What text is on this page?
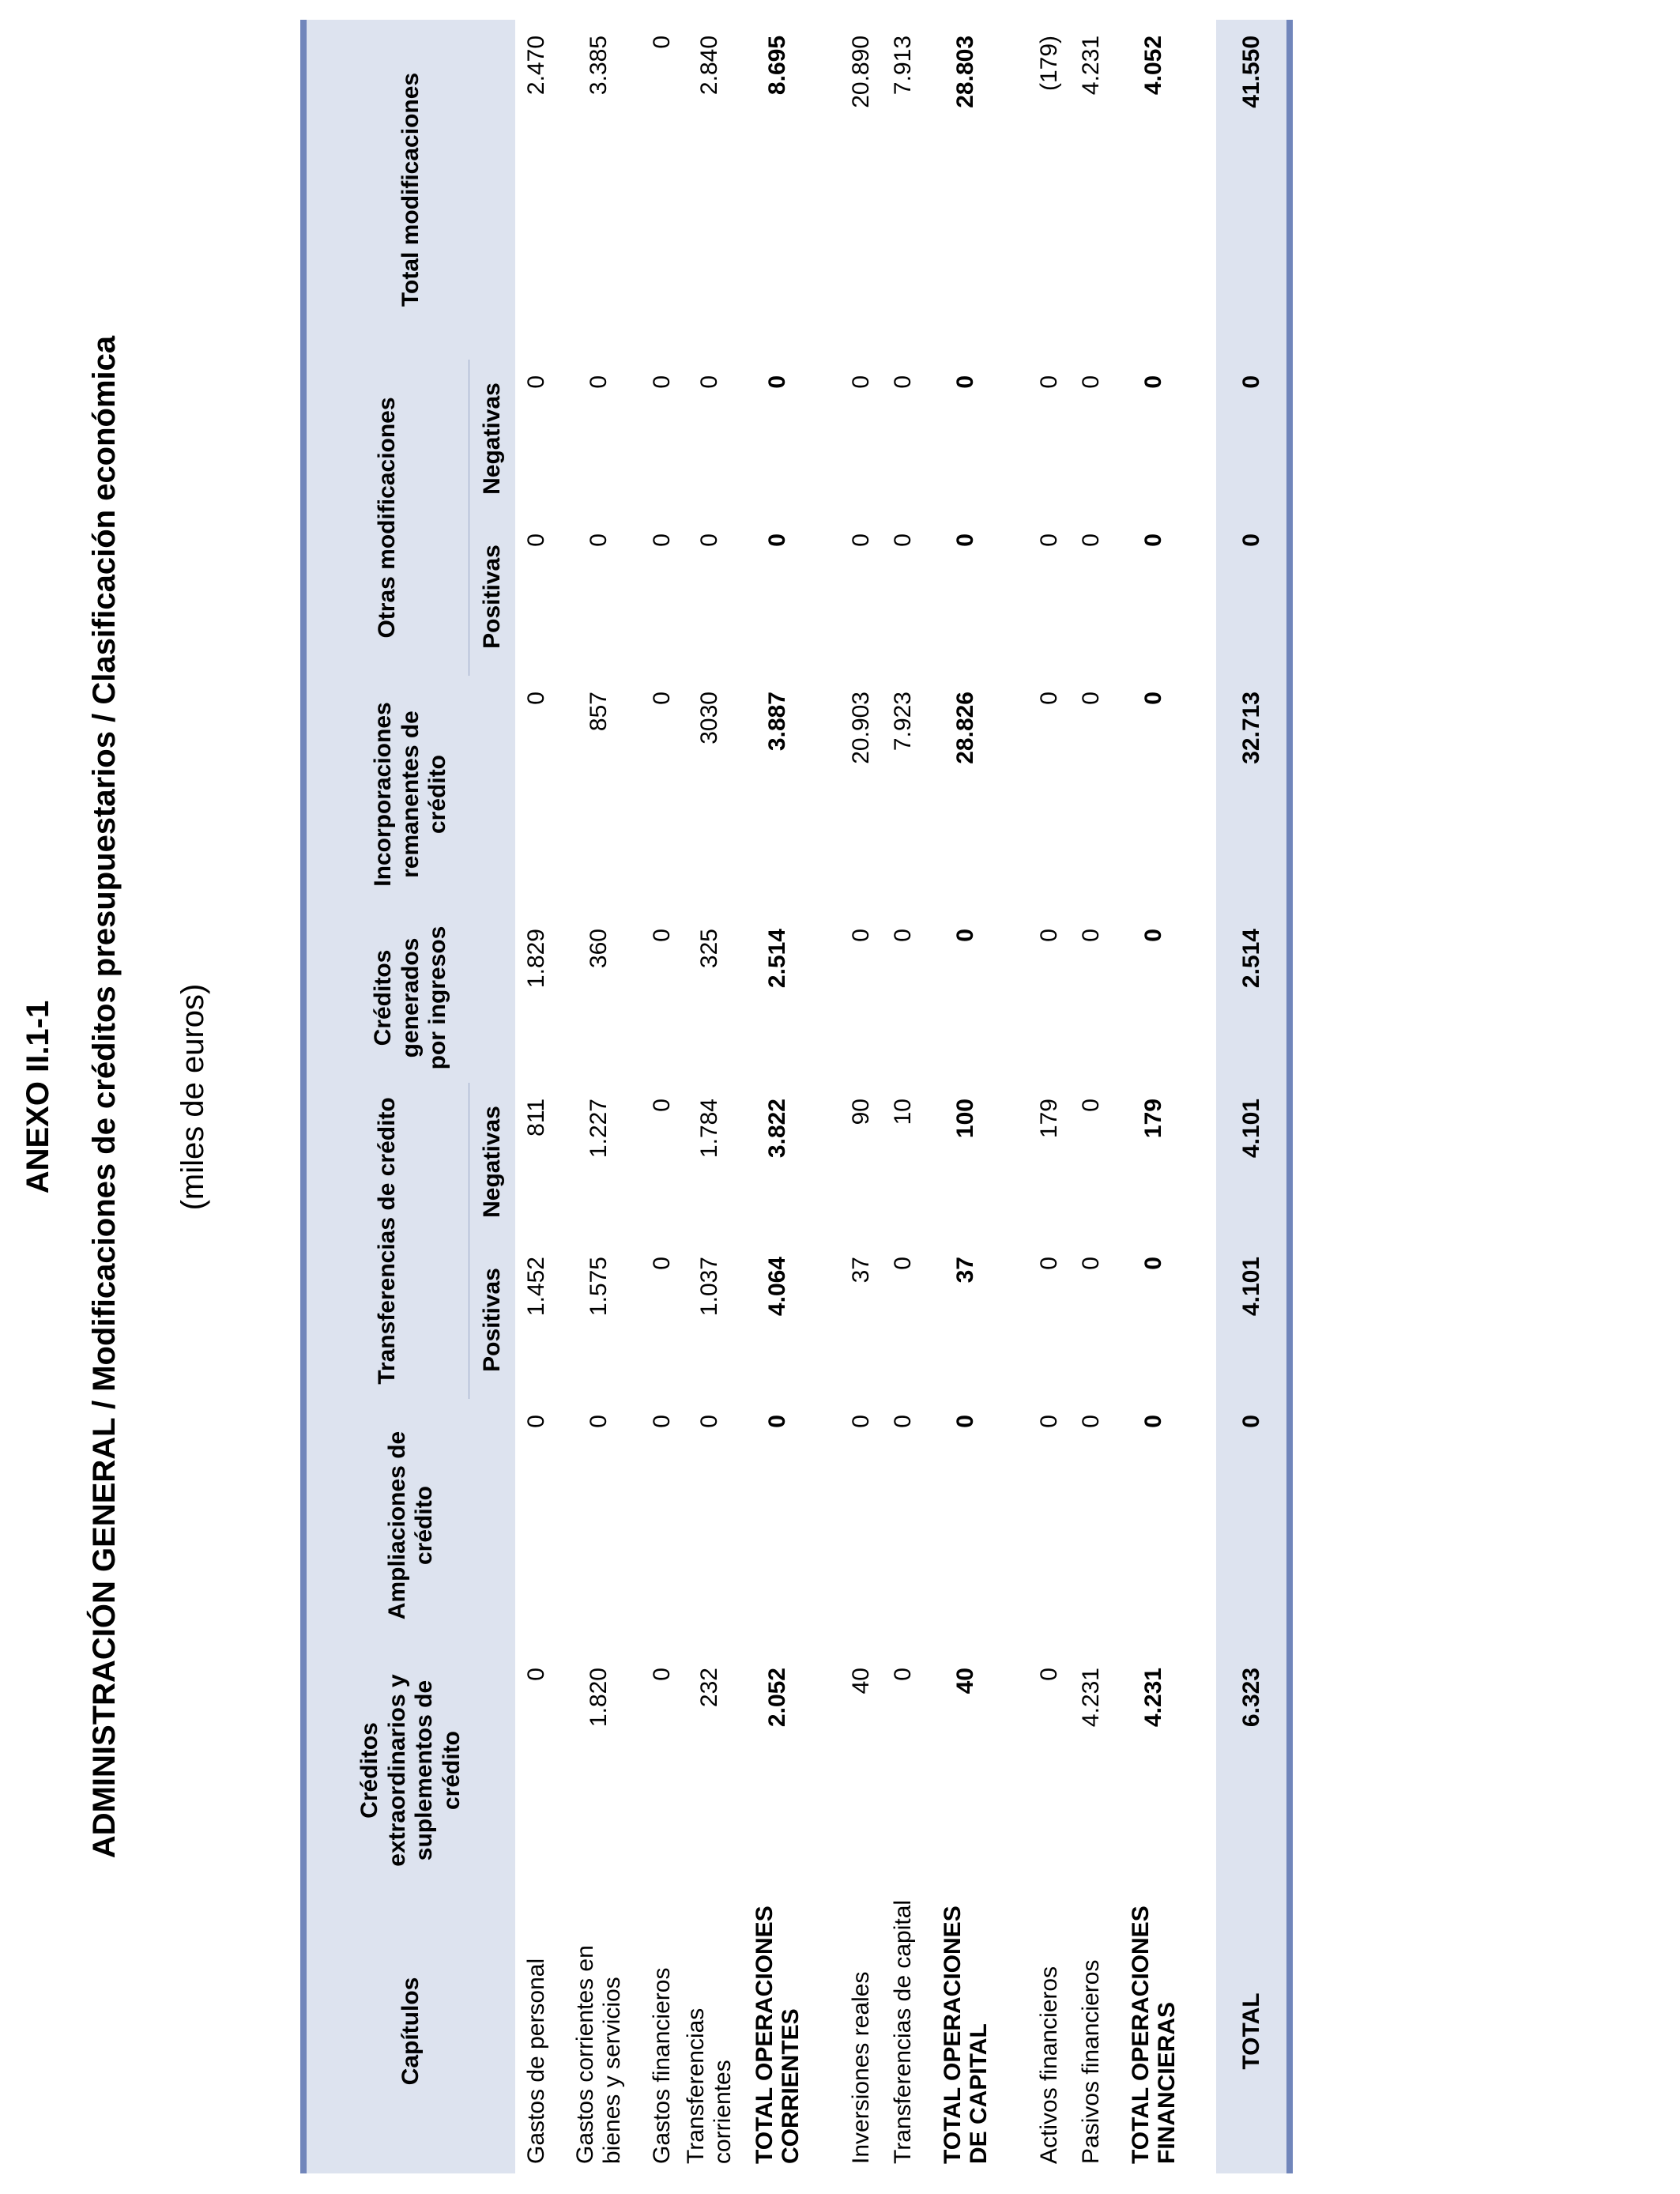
ANEXO II.1-1 ADMINISTRACIÓN GENERAL / Modificaciones de créditos presupuestarios / Clasificación económica (miles de euros)
Capítulos	Créditos extraordinarios y suplementos de crédito	Ampliaciones de crédito	Transferencias de crédito		Créditos generados por ingresos	Incorporaciones remanentes de crédito	Otras modificaciones		Total modificaciones
			Positivas	Negativas			Positivas	Negativas	
Gastos de personal	0	0	1.452	811	1.829	0	0	0	2.470
Gastos corrientes en bienes y servicios	1.820	0	1.575	1.227	360	857	0	0	3.385
Gastos financieros	0	0	0	0	0	0	0	0	0
Transferencias corrientes	232	0	1.037	1.784	325	3030	0	0	2.840
TOTAL OPERACIONES CORRIENTES	2.052	0	4.064	3.822	2.514	3.887	0	0	8.695

Inversiones reales	40	0	37	90	0	20.903	0	0	20.890
Transferencias de capital	0	0	0	10	0	7.923	0	0	7.913
TOTAL OPERACIONES DE CAPITAL	40	0	37	100	0	28.826	0	0	28.803

Activos financieros	0	0	0	179	0	0	0	0	(179)
Pasivos financieros	4.231	0	0	0	0	0	0	0	4.231
TOTAL OPERACIONES FINANCIERAS	4.231	0	0	179	0	0	0	0	4.052

TOTAL	6.323	0	4.101	4.101	2.514	32.713	0	0	41.550
